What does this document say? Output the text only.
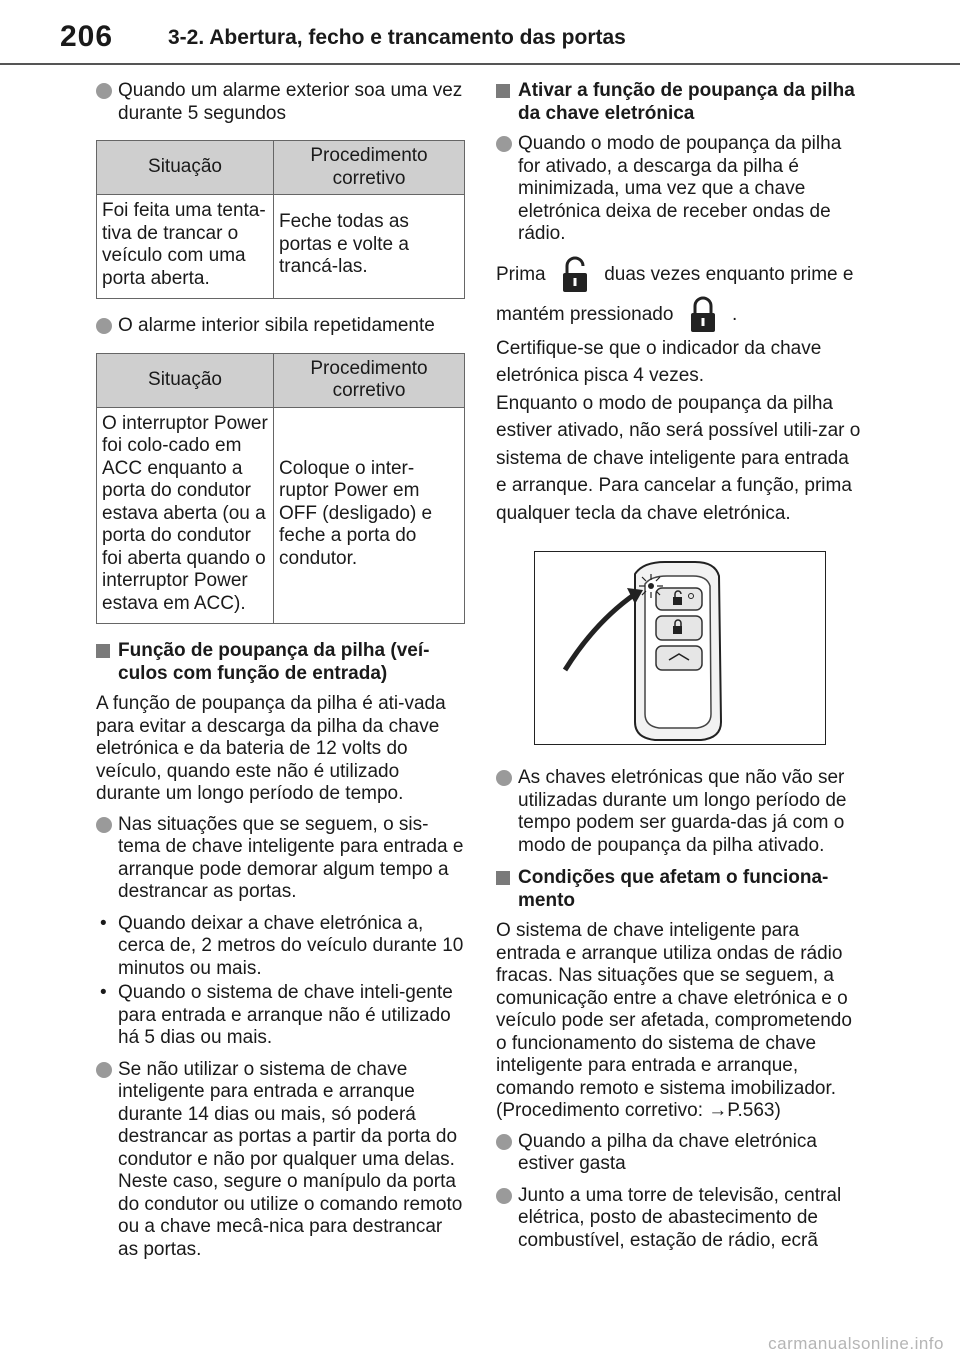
206	3-2. Abertura, fecho e trancamento das portas
Quando um alarme exterior soa uma vez durante 5 segundos
Situação	Procedimento corretivo
Foi feita uma tenta-tiva de trancar o veículo com uma porta aberta.	Feche todas as portas e volte a trancá-las.
O alarme interior sibila repetidamente
Situação	Procedimento corretivo
O interruptor Power foi colo-cado em ACC enquanto a porta do condutor estava aberta (ou a porta do condutor foi aberta quando o interruptor Power estava em ACC).	Coloque o inter-ruptor Power em OFF (desligado) e feche a porta do condutor.
Função de poupança da pilha (veí-culos com função de entrada)
A função de poupança da pilha é ati-vada para evitar a descarga da pilha da chave eletrónica e da bateria de 12 volts do veículo, quando este não é utilizado durante um longo período de tempo.
Nas situações que se seguem, o sis-tema de chave inteligente para entrada e arranque pode demorar algum tempo a destrancar as portas.
• Quando deixar a chave eletrónica a, cerca de, 2 metros do veículo durante 10 minutos ou mais.
• Quando o sistema de chave inteli-gente para entrada e arranque não é utilizado há 5 dias ou mais.
Se não utilizar o sistema de chave inteligente para entrada e arranque durante 14 dias ou mais, só poderá destrancar as portas a partir da porta do condutor e não por qualquer uma delas. Neste caso, segure o manípulo da porta do condutor ou utilize o comando remoto ou a chave mecâ-nica para destrancar as portas.
Ativar a função de poupança da pilha da chave eletrónica
Quando o modo de poupança da pilha for ativado, a descarga da pilha é minimizada, uma vez que a chave eletrónica deixa de receber ondas de rádio.
Prima	duas vezes enquanto prime e mantém pressionado	.
Certifique-se que o indicador da chave eletrónica pisca 4 vezes.
Enquanto o modo de poupança da pilha estiver ativado, não será possível utili-zar o sistema de chave inteligente para entrada e arranque. Para cancelar a função, prima qualquer tecla da chave eletrónica.
As chaves eletrónicas que não vão ser utilizadas durante um longo período de tempo podem ser guarda-das já com o modo de poupança da pilha ativado.
Condições que afetam o funciona-mento
O sistema de chave inteligente para entrada e arranque utiliza ondas de rádio fracas. Nas situações que se seguem, a comunicação entre a chave eletrónica e o veículo pode ser afetada, comprometendo o funcionamento do sistema de chave inteligente para entrada e arranque, comando remoto e sistema imobilizador.
(Procedimento corretivo: →P.563)
Quando a pilha da chave eletrónica estiver gasta
Junto a uma torre de televisão, central elétrica, posto de abastecimento de combustível, estação de rádio, ecrã
carmanualsonline.info
